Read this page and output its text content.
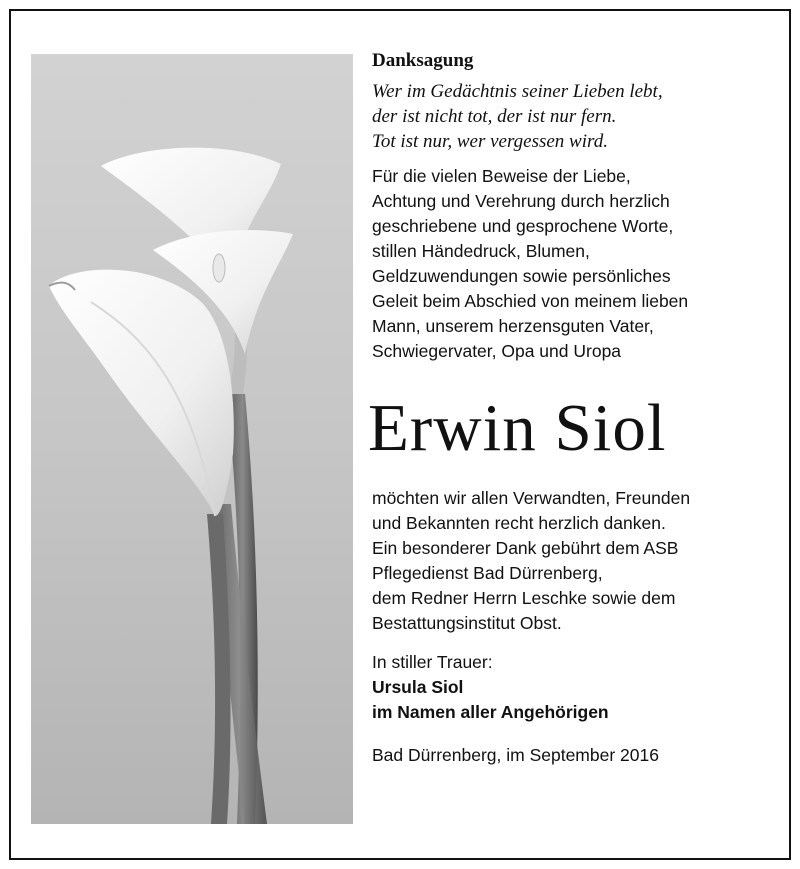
Danksagung
Wer im Gedächtnis seiner Lieben lebt,
der ist nicht tot, der ist nur fern.
Tot ist nur, wer vergessen wird.
Für die vielen Beweise der Liebe,
Achtung und Verehrung durch herzlich
geschriebene und gesprochene Worte,
stillen Händedruck, Blumen,
Geldzuwendungen sowie persönliches
Geleit beim Abschied von meinem lieben
Mann, unserem herzensguten Vater,
Schwiegervater, Opa und Uropa
Erwin Siol
möchten wir allen Verwandten, Freunden
und Bekannten recht herzlich danken.
Ein besonderer Dank gebührt dem ASB
Pflegedienst Bad Dürrenberg,
dem Redner Herrn Leschke sowie dem
Bestattungsinstitut Obst.
In stiller Trauer:
Ursula Siol
im Namen aller Angehörigen
Bad Dürrenberg, im September 2016
